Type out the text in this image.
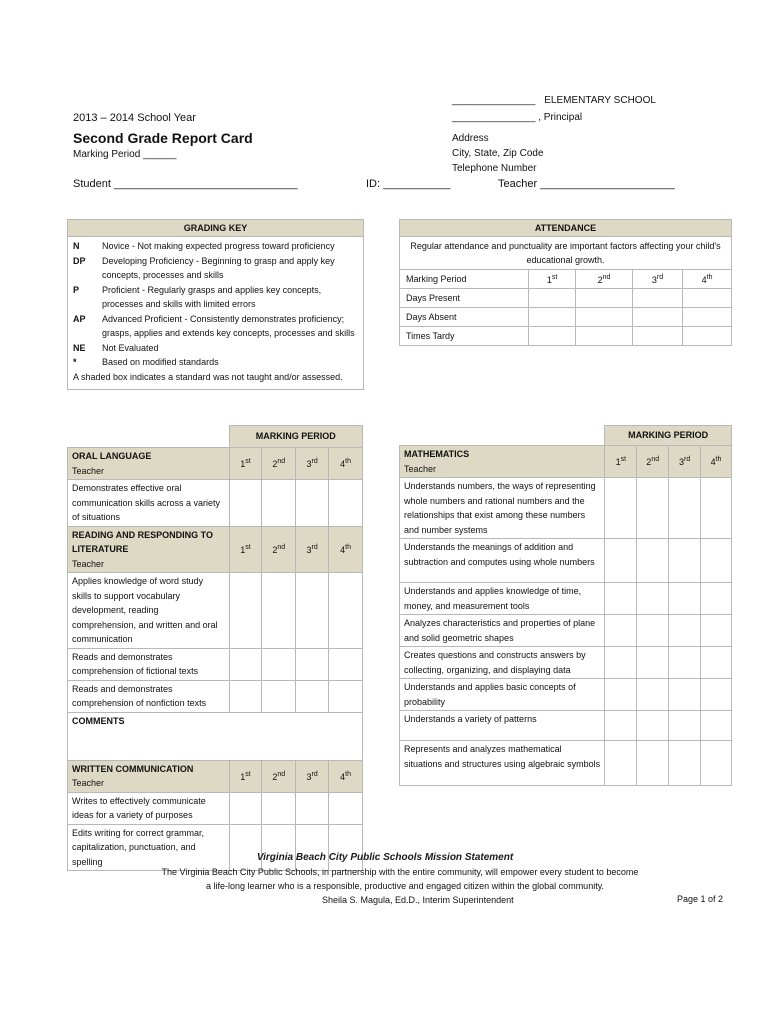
_______________ ELEMENTARY SCHOOL
_______________ , Principal
Address
City, State, Zip Code
Telephone Number
2013 – 2014 School Year
Second Grade Report Card
Marking Period ______
Student ______________________________	ID: ___________	Teacher ______________________
GRADING KEY
N	Novice - Not making expected progress toward proficiency
DP	Developing Proficiency - Beginning to grasp and apply key concepts, processes and skills
P	Proficient - Regularly grasps and applies key concepts, processes and skills with limited errors
AP	Advanced Proficient - Consistently demonstrates proficiency; grasps, applies and extends key concepts, processes and skills
NE	Not Evaluated
*	Based on modified standards
A shaded box indicates a standard was not taught and/or assessed.
ATTENDANCE				
Regular attendance and punctuality are important factors affecting your child's educational growth.				
Marking Period	1st	2nd	3rd	4th
Days Present				
Days Absent				
Times Tardy				
	MARKING PERIOD			

ORAL LANGUAGE
Teacher	1st	2nd	3rd	4th
Demonstrates effective oral communication skills across a variety of situations				

READING AND RESPONDING TO LITERATURE
Teacher	1st	2nd	3rd	4th
Applies knowledge of word study skills to support vocabulary development, reading comprehension, and written and oral communication				
Reads and demonstrates comprehension of fictional texts				
Reads and demonstrates comprehension of nonfiction texts				
COMMENTS				

WRITTEN COMMUNICATION
Teacher	1st	2nd	3rd	4th
Writes to effectively communicate ideas for a variety of purposes				
Edits writing for correct grammar, capitalization, punctuation, and spelling				
	MARKING PERIOD			

MATHEMATICS
Teacher	1st	2nd	3rd	4th
Understands numbers, the ways of representing whole numbers and rational numbers and the relationships that exist among these numbers and number systems				
Understands the meanings of addition and subtraction and computes using whole numbers				
Understands and applies knowledge of time, money, and measurement tools				
Analyzes characteristics and properties of plane and solid geometric shapes				
Creates questions and constructs answers by collecting, organizing, and displaying data				
Understands and applies basic concepts of probability				
Understands a variety of patterns				
Represents and analyzes mathematical situations and structures using algebraic symbols				
Virginia Beach City Public Schools Mission Statement
The Virginia Beach City Public Schools, in partnership with the entire community, will empower every student to become
a life-long learner who is a responsible, productive and engaged citizen within the global community.
Sheila S. Magula, Ed.D., Interim Superintendent	Page 1 of 2
